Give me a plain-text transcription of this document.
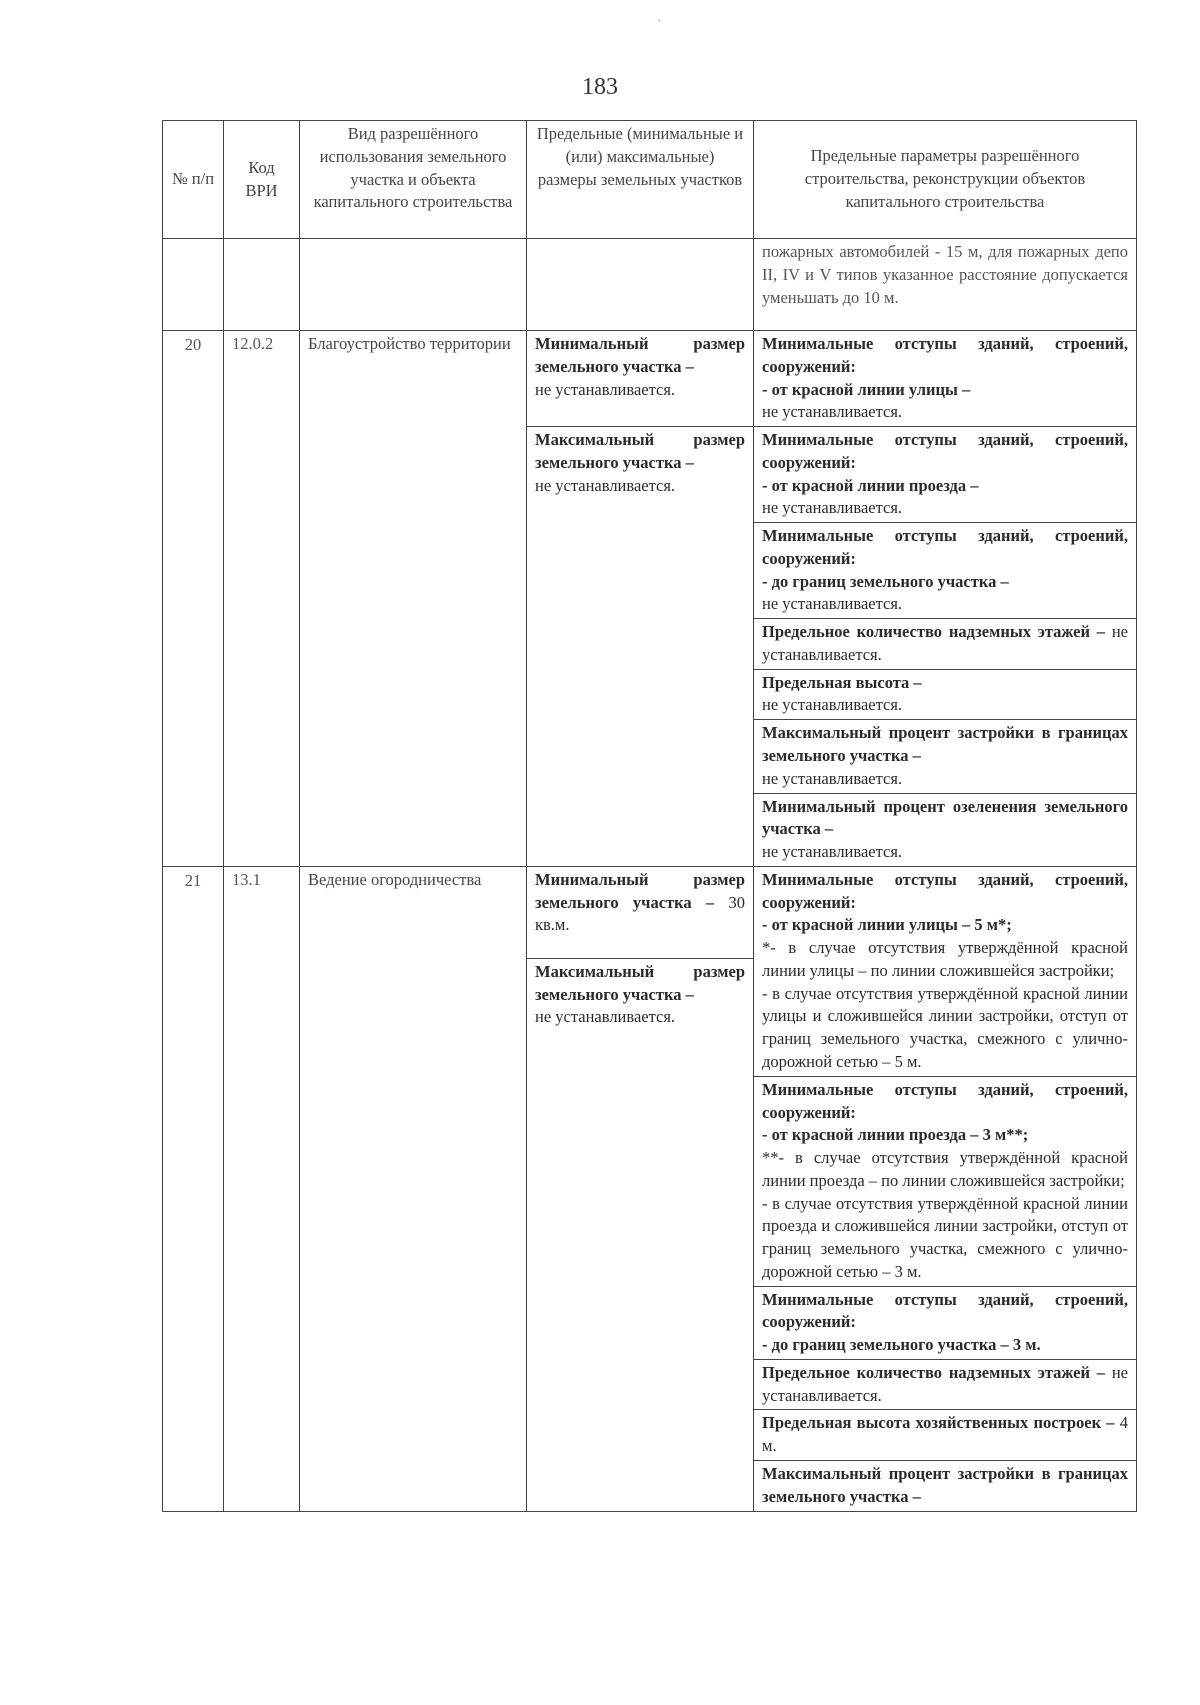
'
183
№ п/п	Код ВРИ	Вид разрешённого использования земельного участка и объекта капитального строительства	Предельные (минимальные и (или) максимальные) размеры земельных участков	Предельные параметры разрешённого строительства, реконструкции объектов капитального строительства
				пожарных автомобилей - 15 м, для пожарных депо II, IV и V типов указанное расстояние допускается уменьшать до 10 м.
20	12.0.2	Благоустройство территории	Минимальный размер земельного участка –
не устанавливается.	Минимальные отступы зданий, строений, сооружений:
- от красной линии улицы –
не устанавливается.
			Максимальный размер земельного участка –
не устанавливается.	Минимальные отступы зданий, строений, сооружений:
- от красной линии проезда –
не устанавливается.
				Минимальные отступы зданий, строений, сооружений:
- до границ земельного участка –
не устанавливается.
				Предельное количество надземных этажей – не устанавливается.
				Предельная высота –
не устанавливается.
				Максимальный процент застройки в границах земельного участка –
не устанавливается.
				Минимальный процент озеленения земельного участка –
не устанавливается.
21	13.1	Ведение огородничества	Минимальный размер земельного участка – 30 кв.м.	Минимальные отступы зданий, строений, сооружений:
- от красной линии улицы – 5 м*;
*- в случае отсутствия утверждённой красной линии улицы – по линии сложившейся застройки;
- в случае отсутствия утверждённой красной линии улицы и сложившейся линии застройки, отступ от границ земельного участка, смежного с улично-дорожной сетью – 5 м.
			Максимальный размер земельного участка –
не устанавливается.	
				Минимальные отступы зданий, строений, сооружений:
- от красной линии проезда – 3 м**;
**- в случае отсутствия утверждённой красной линии проезда – по линии сложившейся застройки;
- в случае отсутствия утверждённой красной линии проезда и сложившейся линии застройки, отступ от границ земельного участка, смежного с улично-дорожной сетью – 3 м.
				Минимальные отступы зданий, строений, сооружений:
- до границ земельного участка – 3 м.
				Предельное количество надземных этажей – не устанавливается.
				Предельная высота хозяйственных построек – 4 м.
				Максимальный процент застройки в границах земельного участка –
